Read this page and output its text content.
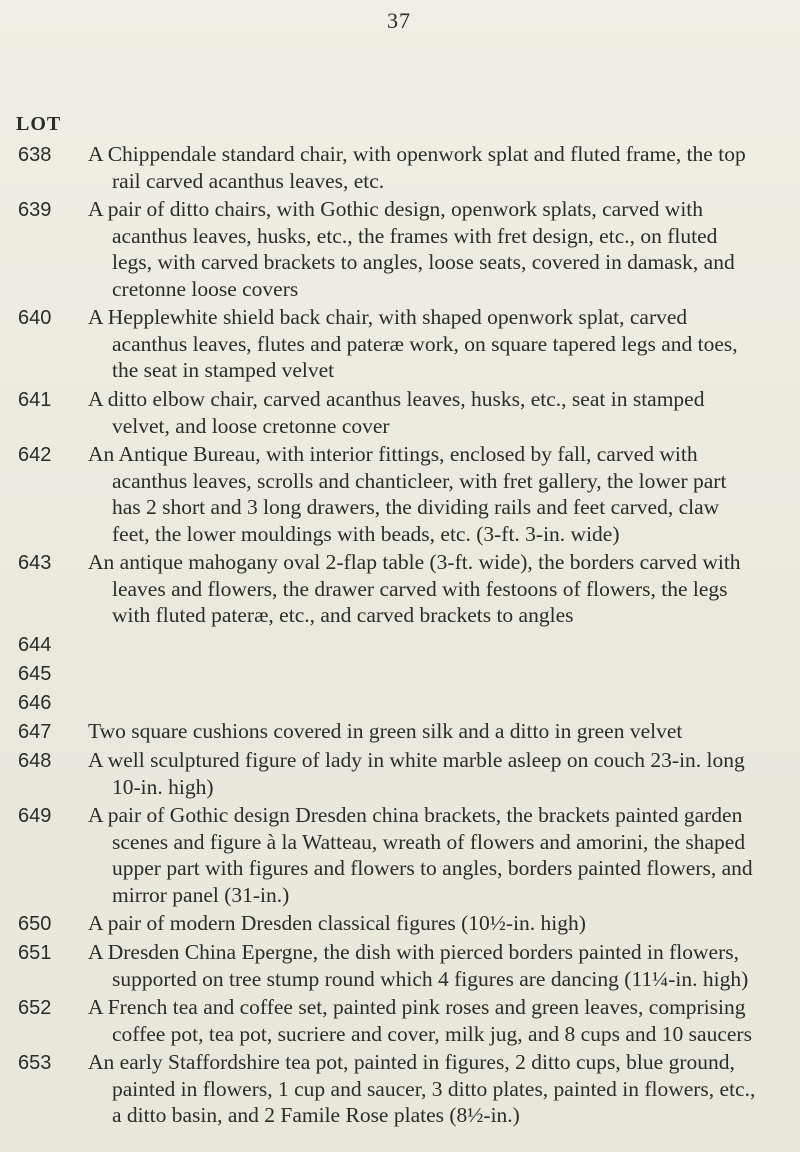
37
LOT
638	A Chippendale standard chair, with openwork splat and fluted frame, the top rail carved acanthus leaves, etc.
639	A pair of ditto chairs, with Gothic design, openwork splats, carved with acanthus leaves, husks, etc., the frames with fret design, etc., on fluted legs, with carved brackets to angles, loose seats, covered in damask, and cretonne loose covers
640	A Hepplewhite shield back chair, with shaped openwork splat, carved acanthus leaves, flutes and pateræ work, on square tapered legs and toes, the seat in stamped velvet
641	A ditto elbow chair, carved acanthus leaves, husks, etc., seat in stamped velvet, and loose cretonne cover
642	An Antique Bureau, with interior fittings, enclosed by fall, carved with acanthus leaves, scrolls and chanticleer, with fret gallery, the lower part has 2 short and 3 long drawers, the dividing rails and feet carved, claw feet, the lower mouldings with beads, etc. (3-ft. 3-in. wide)
643	An antique mahogany oval 2-flap table (3-ft. wide), the borders carved with leaves and flowers, the drawer carved with festoons of flowers, the legs with fluted pateræ, etc., and carved brackets to angles
644
645
646
647	Two square cushions covered in green silk and a ditto in green velvet
648	A well sculptured figure of lady in white marble asleep on couch 23-in. long 10-in. high)
649	A pair of Gothic design Dresden china brackets, the brackets painted garden scenes and figure à la Watteau, wreath of flowers and amorini, the shaped upper part with figures and flowers to angles, borders painted flowers, and mirror panel (31-in.)
650	A pair of modern Dresden classical figures (10½-in. high)
651	A Dresden China Epergne, the dish with pierced borders painted in flowers, supported on tree stump round which 4 figures are dancing (11¼-in. high)
652	A French tea and coffee set, painted pink roses and green leaves, comprising coffee pot, tea pot, sucriere and cover, milk jug, and 8 cups and 10 saucers
653	An early Staffordshire tea pot, painted in figures, 2 ditto cups, blue ground, painted in flowers, 1 cup and saucer, 3 ditto plates, painted in flowers, etc., a ditto basin, and 2 Famile Rose plates (8½-in.)
